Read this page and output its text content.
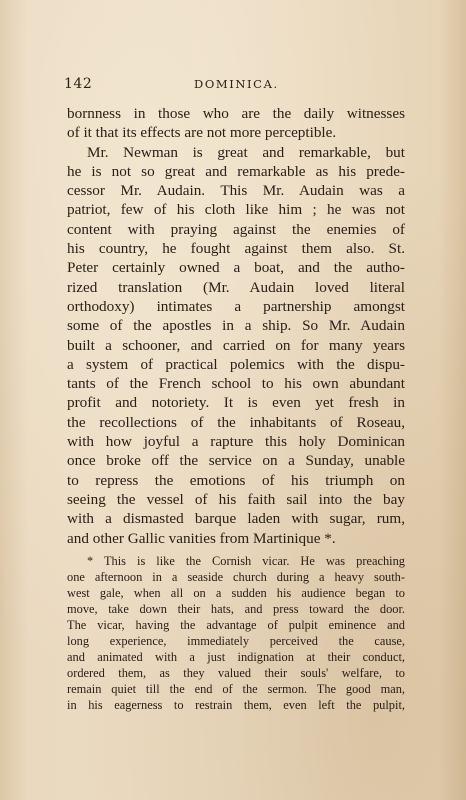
142	DOMINICA.
bornness in those who are the daily witnesses
of it that its effects are not more perceptible.
Mr. Newman is great and remarkable, but
he is not so great and remarkable as his prede-
cessor Mr. Audain. This Mr. Audain was a
patriot, few of his cloth like him ; he was not
content with praying against the enemies of
his country, he fought against them also. St.
Peter certainly owned a boat, and the autho-
rized translation (Mr. Audain loved literal
orthodoxy) intimates a partnership amongst
some of the apostles in a ship. So Mr. Audain
built a schooner, and carried on for many years
a system of practical polemics with the dispu-
tants of the French school to his own abundant
profit and notoriety. It is even yet fresh in
the recollections of the inhabitants of Roseau,
with how joyful a rapture this holy Dominican
once broke off the service on a Sunday, unable
to repress the emotions of his triumph on
seeing the vessel of his faith sail into the bay
with a dismasted barque laden with sugar, rum,
and other Gallic vanities from Martinique *.
* This is like the Cornish vicar. He was preaching
one afternoon in a seaside church during a heavy south-
west gale, when all on a sudden his audience began to
move, take down their hats, and press toward the door.
The vicar, having the advantage of pulpit eminence and
long experience, immediately perceived the cause,
and animated with a just indignation at their conduct,
ordered them, as they valued their souls' welfare, to
remain quiet till the end of the sermon. The good man,
in his eagerness to restrain them, even left the pulpit,
